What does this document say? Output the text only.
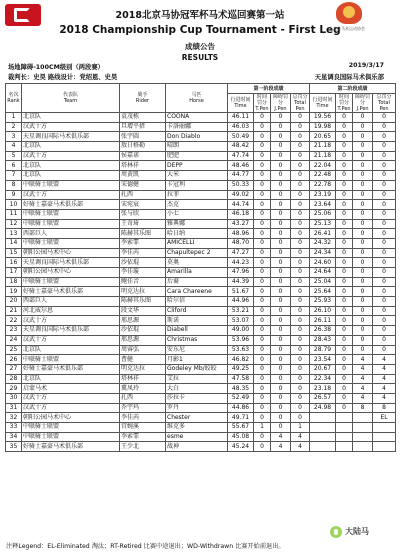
2018北京马协冠军杯马术巡回赛第一站
2018 Championship Cup Tournament - First Leg
成绩公告
RESULTS
北京马术运动协会
场地障碍-100CM级别（两段赛）
裁判长：史昊 路线设计：党绍恩、史昊
2019/3/17
天星调良国际马术俱乐部
名次
Rank	代表队
Team	骑手
Rider	马匹
Horse	第一阶段成绩				第二阶段成绩			
				行进时间
Time	时间
罚分
T.Pen	障碍罚分
J.Pen	总罚分
Total
Pen	行进时间
Time	时间
罚分
T.Pen	障碍罚分
J.Pen	总罚分
Total
Pen
1	北京队	袁茂栋	COONA	46.11	0	0	0	19.56	0	0	0
2	汉武十方	旦增平措	卡洛丽娜	46.03	0	0	0	19.98	0	0	0
3	天星调良国际马术俱乐部	张宇圆	Don Diablo	50.49	0	0	0	20.65	0	0	0
4	北京队	敖日格勒	晴朗	48.42	0	0	0	21.18	0	0	0
5	汉武十方	侯嘉诺	肥肥	47.74	0	0	0	21.18	0	0	0
6	北京队	塔林祥	DEPP	48.46	0	0	0	22.04	0	0	0
7	北京队	周黄凯	大米	44.77	0	0	0	22.48	0	0	0
8	中联骑士联盟	宋德健	卡冠利	50.33	0	0	0	22.78	0	0	0
9	汉武十方	扎西	拉菲	49.02	0	0	0	23.19	0	0	0
10	好骑士嘉豪马术俱乐部	宋宛宸	杰克	44.74	0	0	0	23.64	0	0	0
11	中联骑士联盟	张与欣	小七	46.18	0	0	0	25.06	0	0	0
12	中联骑士联盟	王奇琦	雅典娜	43.27	0	0	0	25.13	0	0	0
13	西部巨人	陈赫其乐图	哈日纳	48.96	0	0	0	26.41	0	0	0
14	中联骑士联盟	李索霏	AMICELLI	48.70	0	0	0	24.32	0	0	0
15	朝阳公园马术中心	李佳芮	Chapultepec 2	47.27	0	0	0	24.34	0	0	0
16	天星调良国际马术俱乐部	沙依琨	莫奥	44.23	0	0	0	24.60	0	0	0
17	朝阳公园马术中心	李佳璇	Amarilla	47.96	0	0	0	24.64	0	0	0
18	中联骑士联盟	鲍佳音	后裔	44.39	0	0	0	25.04	0	0	0
19	好骑士嘉豪马术俱乐部	明克达拉	Cara Chareene	51.67	0	0	0	25.64	0	0	0
20	西部巨人	陈赫其乐图	哈尔信	44.96	0	0	0	25.93	0	0	0
21	河北威尔恩	段文华	Cliford	53.21	0	0	0	26.10	0	0	0
22	汉武十方	邢思源	斯诺	53.07	0	0	0	26.11	0	0	0
23	天星调良国际马术俱乐部	沙依琨	Diabell	49.00	0	0	0	26.38	0	0	0
24	汉武十方	邢思源	Christmas	53.96	0	0	0	28.43	0	0	0
25	北京队	周睿弘	安东尼	53.63	0	0	0	28.79	0	0	0
26	中联骑士联盟	曹健	月影1	46.82	0	0	0	23.54	0	4	4
27	好骑士嘉豪马术俱乐部	明克达拉	Godeley Mb/皎皎	49.25	0	0	0	20.67	0	4	4
28	北京队	塔林祥	艾拉	47.58	0	0	0	22.34	0	4	4
29	启蒙马术	冀凤玲	大白	48.35	0	0	0	23.18	0	4	4
30	汉武十方	扎西	莎拉卡	52.49	0	0	0	26.57	0	4	4
31	汉武十方	乔宇玛	罗丹	44.86	0	0	0	24.98	0	8	8
32	朝阳公园马术中心	李佳芮	Chester	49.71	0	0	0				EL
33	中联骑士联盟	宫婉溪	维克多	55.67	1	0	1				
34	中联骑士联盟	李索霏	esme	45.08	0	4	4				
35	好骑士嘉豪马术俱乐部	王少北	战神	45.24	0	4	4				
注释Legend：EL-Eliminated 淘汰；RT-Retired 比赛中途退出；WD-Withdrawn 比赛开始前退出。
大陆马
